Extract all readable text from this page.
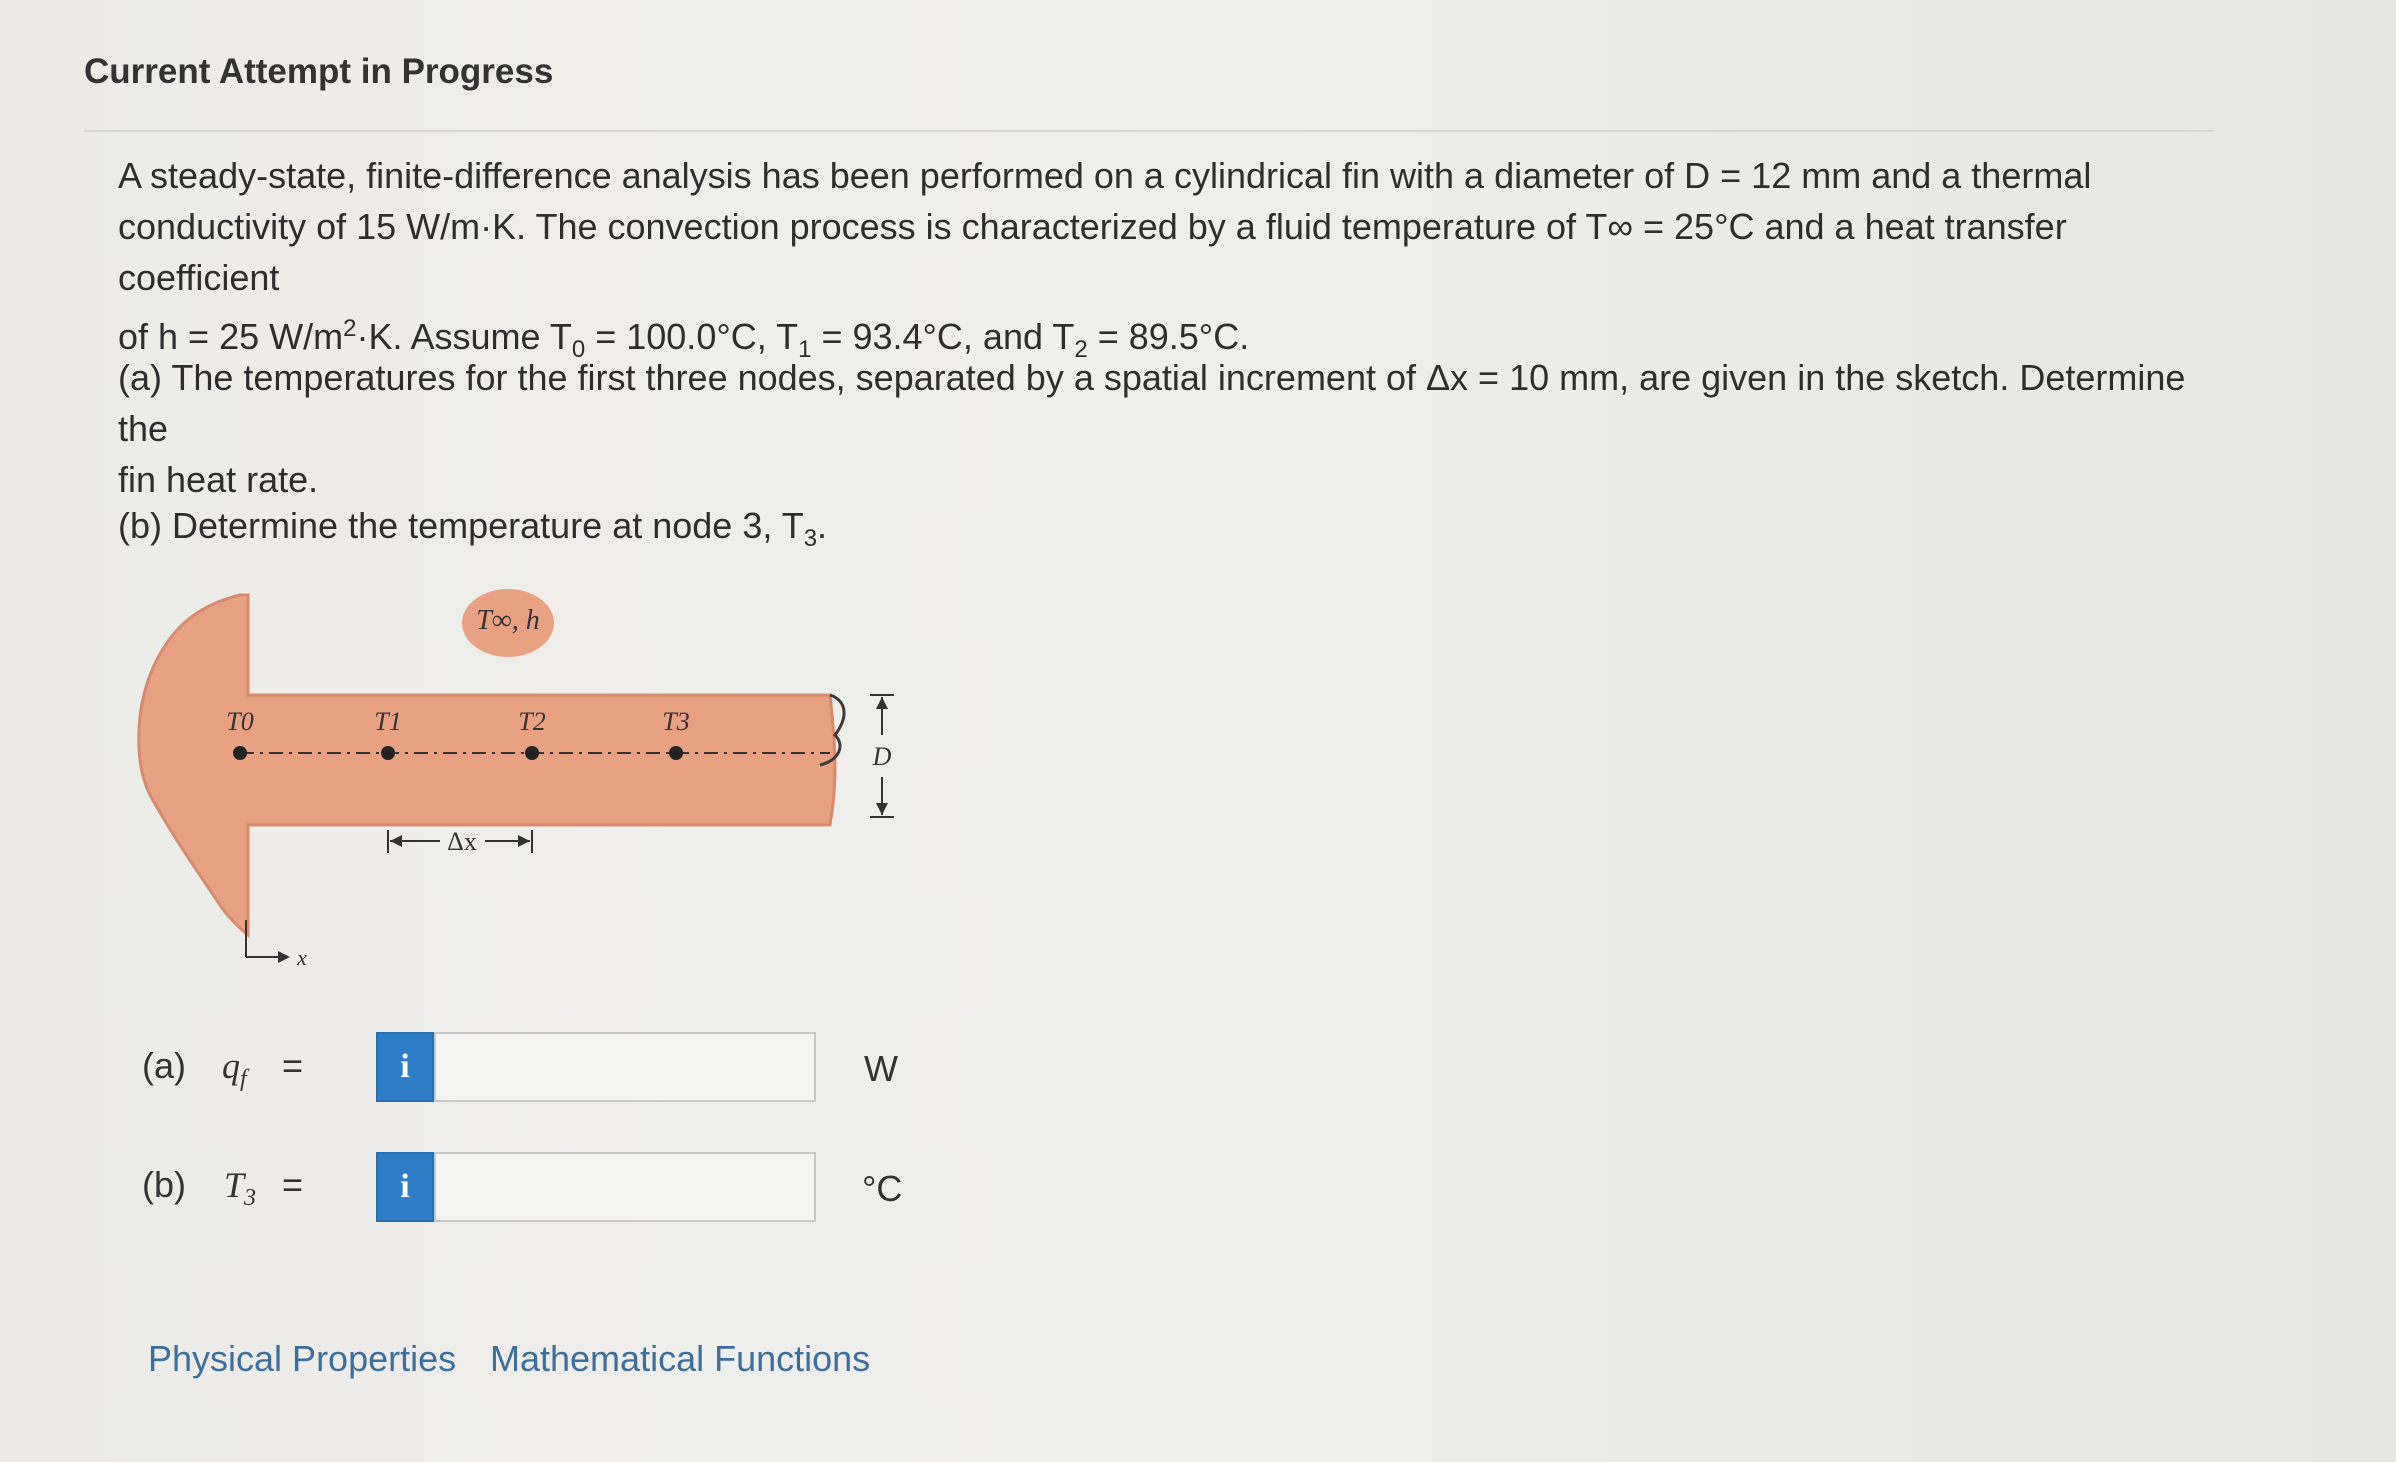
Current Attempt in Progress
A steady-state, finite-difference analysis has been performed on a cylindrical fin with a diameter of D = 12 mm and a thermal
conductivity of 15 W/m·K. The convection process is characterized by a fluid temperature of T∞ = 25°C and a heat transfer coefficient
of h = 25 $W/m^2\cdot K$. Assume $T_0 = 100.0^\circ C$, $T_1 = 93.4^\circ C$, and $T_2 = 89.5^\circ C$.
(a) The temperatures for the first three nodes, separated by a spatial increment of Δx = 10 mm, are given in the sketch. Determine the
fin heat rate.
(b) Determine the temperature at node 3, $T_3$.
T∞, h
T0	T1	T2	T3
Δx
D
x
(a) $q_f$ =	i	W
(b) $T_3$ =	i	°C
Physical Properties Mathematical Functions
